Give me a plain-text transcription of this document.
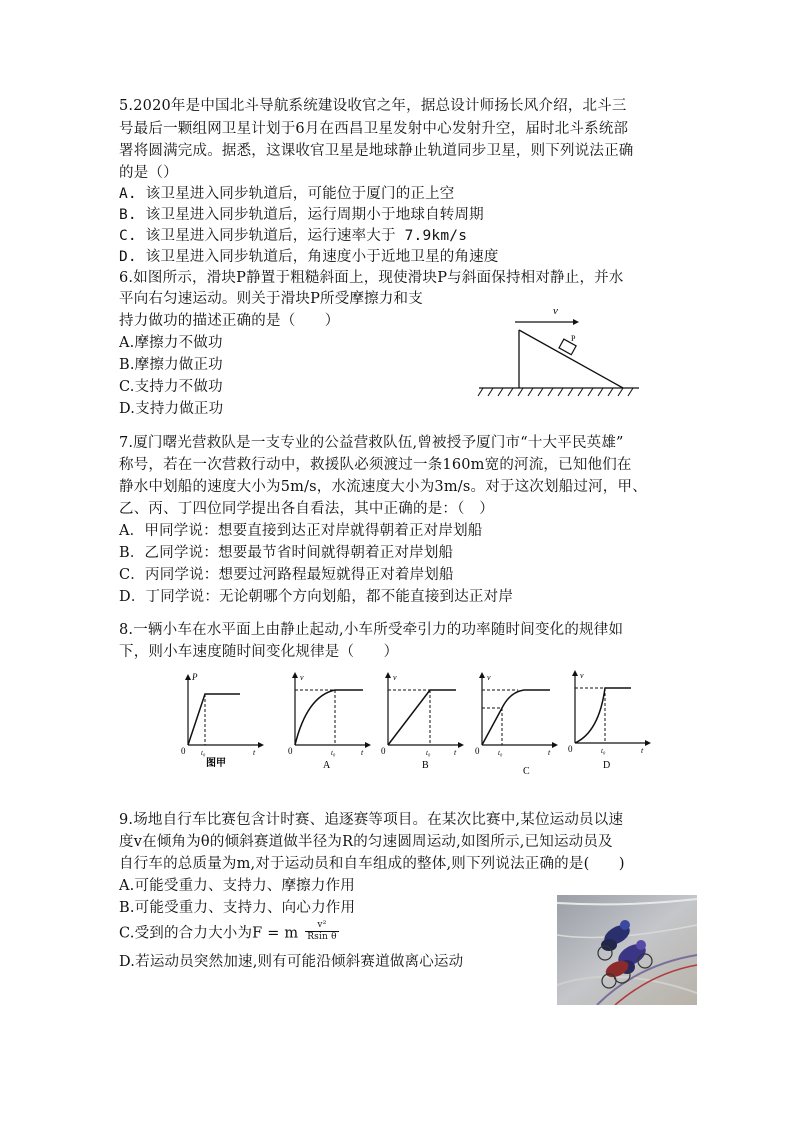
5.2020年是中国北斗导航系统建设收官之年，据总设计师扬长风介绍，北斗三
号最后一颗组网卫星计划于6月在西昌卫星发射中心发射升空，届时北斗系统部
署将圆满完成。据悉，这课收官卫星是地球静止轨道同步卫星，则下列说法正确
的是（）
A. 该卫星进入同步轨道后，可能位于厦门的正上空
B. 该卫星进入同步轨道后，运行周期小于地球自转周期
C. 该卫星进入同步轨道后，运行速率大于 7.9km/s
D. 该卫星进入同步轨道后，角速度小于近地卫星的角速度
6.如图所示，滑块P静置于粗糙斜面上，现使滑块P与斜面保持相对静止，并水
平向右匀速运动。则关于滑块P所受摩擦力和支
持力做功的描述正确的是（　　）
A.摩擦力不做功
B.摩擦力做正功
C.支持力不做功
D.支持力做正功
v
P
7.厦门曙光营救队是一支专业的公益营救队伍,曾被授予厦门市“十大平民英雄”
称号，若在一次营救行动中，救援队必须渡过一条160m宽的河流，已知他们在
静水中划船的速度大小为5m/s，水流速度大小为3m/s。对于这次划船过河，甲、
乙、丙、丁四位同学提出各自看法，其中正确的是：（　）
A．甲同学说：想要直接到达正对岸就得朝着正对岸划船
B．乙同学说：想要最节省时间就得朝着正对岸划船
C．丙同学说：想要过河路程最短就得正对着岸划船
D．丁同学说：无论朝哪个方向划船，都不能直接到达正对岸
8.一辆小车在水平面上由静止起动,小车所受牵引力的功率随时间变化的规律如
下，则小车速度随时间变化规律是（　　）
P
0 t₀	t
图甲
v
0	t₀	t
A
v
0	t₀	t
B
v
0	t₀	t
C
v
0	t₀	t
D
9.场地自行车比赛包含计时赛、追逐赛等项目。在某次比赛中,某位运动员以速
度v在倾角为θ的倾斜赛道做半径为R的匀速圆周运动,如图所示,已知运动员及
自行车的总质量为m,对于运动员和自车组成的整体,则下列说法正确的是(　　)
A.可能受重力、支持力、摩擦力作用
B.可能受重力、支持力、向心力作用
C.受到的合力大小为F = m $\frac{\text{v²}}{\text{Rsin θ}}$
D.若运动员突然加速,则有可能沿倾斜赛道做离心运动
